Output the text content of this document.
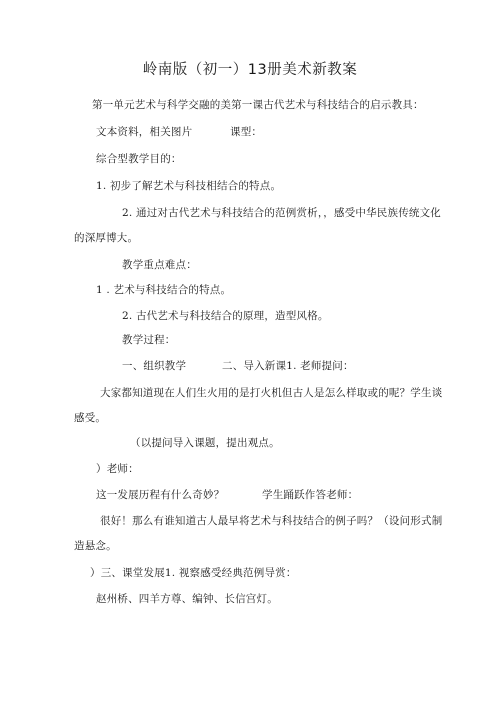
岭南版（初一）13册美术新教案
第一单元艺术与科学交融的美第一课古代艺术与科技结合的启示教具：
文本资料，相关图片	课型：
综合型教学目的：
1. 初步了解艺术与科技相结合的特点。
2. 通过对古代艺术与科技结合的范例赏析，，感受中华民族传统文化
的深厚博大。
教学重点难点：
1 . 艺术与科技结合的特点。
2. 古代艺术与科技结合的原理，造型风格。
教学过程：
一、组织教学	二、导入新课1. 老师提问：
大家都知道现在人们生火用的是打火机但古人是怎么样取或的呢？学生谈
感受。
（以提问导入课题，提出观点。
）老师：
这一发展历程有什么奇妙？	学生踊跃作答老师：
很好！那么有谁知道古人最早将艺术与科技结合的例子吗？（设问形式制
造悬念。
）三、课堂发展1. 视察感受经典范例导赏：
赵州桥、四羊方尊、编钟、长信宫灯。
